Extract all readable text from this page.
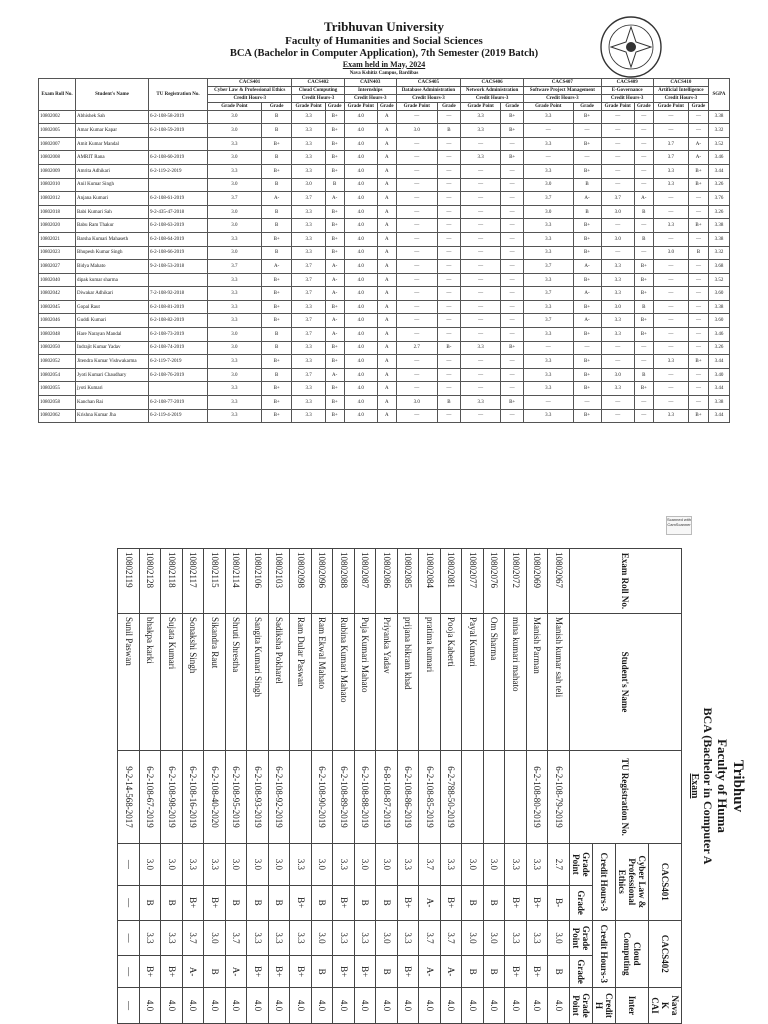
Tribhuvan University
Faculty of Humanities and Social Sciences
BCA (Bachelor in Computer Application), 7th Semester (2019 Batch)
Exam held in May, 2024
Nava Kshitiz Campus, Bardibas
Exam Roll No.	Student's Name	TU Registration No.	CACS401		CACS402		CAIN403		CACS405		CACS406		CACS407		CACS409		CACS410		SGPA
			Cyber Law & Professional Ethics		Cloud Computing		Internships		Database Administration		Network Administration		Software Project Management		E-Governance		Artificial Intelligence		
			Credit Hours-3		Credit Hours-3		Credit Hours-3		Credit Hours-3		Credit Hours-3		Credit Hours-3		Credit Hours-3		Credit Hours-3		
			Grade Point	Grade	Grade Point	Grade	Grade Point	Grade	Grade Point	Grade	Grade Point	Grade	Grade Point	Grade	Grade Point	Grade	Grade Point	Grade	
10802002	Abhishek Sah	6-2-108-58-2019	3.0	B	3.3	B+	4.0	A	—	—	3.3	B+	3.3	B+	—	—	—	—	3.38
10802005	Amar Kumar Kapar	6-2-108-59-2019	3.0	B	3.3	B+	4.0	A	3.0	B	3.3	B+	—	—	—	—	—	—	3.32
10802007	Amit Kumar Mandal		3.3	B+	3.3	B+	4.0	A	—	—	—	—	3.3	B+	—	—	3.7	A-	3.52
10802008	AMRIT Rana	6-2-108-60-2019	3.0	B	3.3	B+	4.0	A	—	—	3.3	B+	—	—	—	—	3.7	A-	3.46
10802009	Amrita Adhikari	6-2-119-2-2019	3.3	B+	3.3	B+	4.0	A	—	—	—	—	3.3	B+	—	—	3.3	B+	3.44
10802010	Anil Kumar Singh		3.0	B	3.0	B	4.0	A	—	—	—	—	3.0	B	—	—	3.3	B+	3.26
10802012	Anjana Kumari	6-2-108-61-2019	3.7	A-	3.7	A-	4.0	A	—	—	—	—	3.7	A-	3.7	A-	—	—	3.76
10802018	Babi Kumari Sah	9-2-435-47-2018	3.0	B	3.3	B+	4.0	A	—	—	—	—	3.0	B	3.0	B	—	—	3.26
10802020	Babu Ram Thakur	6-2-108-63-2019	3.0	B	3.3	B+	4.0	A	—	—	—	—	3.3	B+	—	—	3.3	B+	3.38
10802021	Barsha Kumari Mahaseth	6-2-108-64-2019	3.3	B+	3.3	B+	4.0	A	—	—	—	—	3.3	B+	3.0	B	—	—	3.38
10802023	Bhupesh Kumar Singh	6-2-108-66-2019	3.0	B	3.3	B+	4.0	A	—	—	—	—	3.3	B+	—	—	3.0	B	3.32
10802027	Bidya Mahato	9-2-108-53-2018	3.7	A-	3.7	A-	4.0	A	—	—	—	—	3.7	A-	3.3	B+	—	—	3.68
10802040	dipak kumar sharma		3.3	B+	3.7	A-	4.0	A	—	—	—	—	3.3	B+	3.3	B+	—	—	3.52
10802042	Diwakar Adhikari	7-2-108-92-2018	3.3	B+	3.7	A-	4.0	A	—	—	—	—	3.7	A-	3.3	B+	—	—	3.60
10802045	Gopal Raut	6-2-108-81-2019	3.3	B+	3.3	B+	4.0	A	—	—	—	—	3.3	B+	3.0	B	—	—	3.38
10802046	Guddi Kumari	6-2-108-82-2019	3.3	B+	3.7	A-	4.0	A	—	—	—	—	3.7	A-	3.3	B+	—	—	3.60
10802048	Hare Narayan Mandal	6-2-108-73-2019	3.0	B	3.7	A-	4.0	A	—	—	—	—	3.3	B+	3.3	B+	—	—	3.46
10802050	Indrajit Kumar Yadav	6-2-108-74-2019	3.0	B	3.3	B+	4.0	A	2.7	B-	3.3	B+	—	—	—	—	—	—	3.26
10802052	Jitendra Kumar Vishwakarma	6-2-119-7-2019	3.3	B+	3.3	B+	4.0	A	—	—	—	—	3.3	B+	—	—	3.3	B+	3.44
10802054	Jyoti Kumari Chaudhary	6-2-108-76-2019	3.0	B	3.7	A-	4.0	A	—	—	—	—	3.3	B+	3.0	B	—	—	3.40
10802055	jyoti Kumari		3.3	B+	3.3	B+	4.0	A	—	—	—	—	3.3	B+	3.3	B+	—	—	3.44
10802058	Kanchan Rai	6-2-108-77-2019	3.3	B+	3.3	B+	4.0	A	3.0	B	3.3	B+	—	—	—	—	—	—	3.38
10802062	Krishna Kumar Jha	6-2-119-4-2019	3.3	B+	3.3	B+	4.0	A	—	—	—	—	3.3	B+	—	—	3.3	B+	3.44
Scanned with
CamScanner
Tribhuv
Faculty of Huma
BCA (Bachelor in Computer A
Exam
Exam Roll No.	Student's Name	TU Registration No.	CACS401		CACS402		Nava K
CAI
			Cyber Law & Professional Ethics		Cloud Computing		Inter
			Credit Hours-3		Credit Hours-3		Credit H
			Grade Point	Grade	Grade Point	Grade	Grade Point
10802067	Manish kumar sah teli	6-2-108-79-2019	2.7	B-	3.0	B	4.0
10802069	Manish Parman	6-2-108-80-2019	3.3	B+	3.3	B+	4.0
10802072	mina kumari mahato		3.3	B+	3.3	B+	4.0
10802076	Om Sharma		3.0	B	3.0	B	4.0
10802077	Payal Kumari		3.0	B	3.0	B	4.0
10802081	Pooja Kaberti	6-2-788-50-2019	3.3	B+	3.7	A-	4.0
10802084	pratima kumari	6-2-108-85-2019	3.7	A-	3.7	A-	4.0
10802085	prijana bikram khad	6-2-108-86-2019	3.3	B+	3.3	B+	4.0
10802086	Priyanka Yadav	6-8-108-87-2019	3.0	B	3.0	B	4.0
10802087	Puja Kumari Mahato	6-2-108-88-2019	3.0	B	3.3	B+	4.0
10802088	Rubina Kumari Mahato	6-2-108-89-2019	3.3	B+	3.3	B+	4.0
10802096	Ram Ekwal Mahato	6-2-108-90-2019	3.0	B	3.0	B	4.0
10802098	Ram Dular Paswan		3.3	B+	3.3	B+	4.0
10802103	Sadiksha Pokharel	6-2-108-92-2019	3.0	B	3.3	B+	4.0
10802106	Sangita Kumari Singh	6-2-108-93-2019	3.0	B	3.3	B+	4.0
10802114	Shruti Shrestha	6-2-108-95-2019	3.0	B	3.7	A-	4.0
10802115	Sikandra Raut	6-2-108-40-2020	3.3	B+	3.0	B	4.0
10802117	Sonakshi Singh	6-2-108-16-2019	3.3	B+	3.7	A-	4.0
10802118	Sujata Kumari	6-2-108-98-2019	3.0	B	3.3	B+	4.0
10802128	bhakpa karki	6-2-108-67-2019	3.0	B	3.3	B+	4.0
10802119	Sunil Paswan	9-2-14-568-2017	—	—	—	—	—
